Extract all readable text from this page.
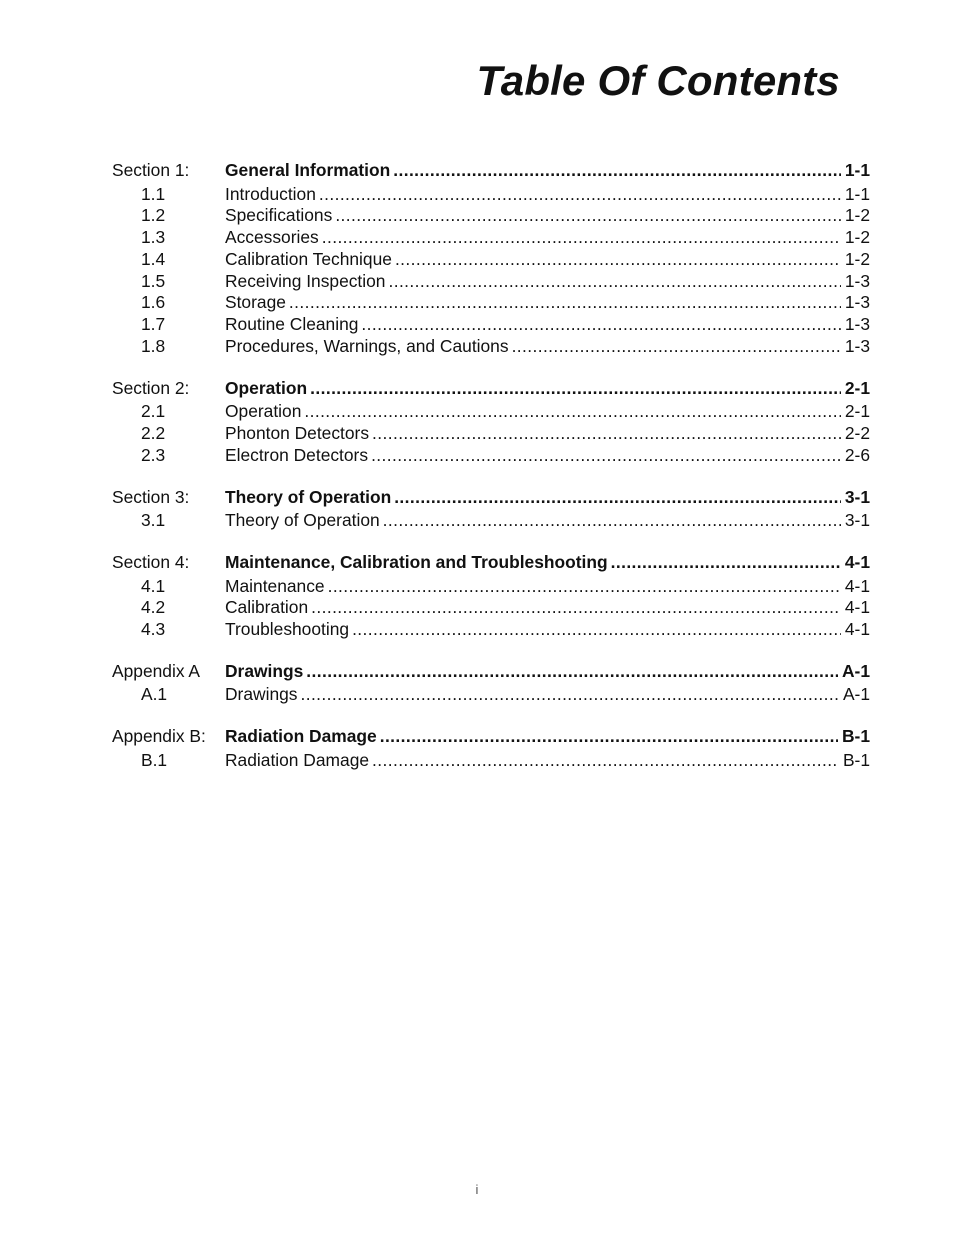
Table Of Contents
Section 1:	General Information .....	1-1
1.1	Introduction .....	1-1
1.2	Specifications .....	1-2
1.3	Accessories .....	1-2
1.4	Calibration Technique .....	1-2
1.5	Receiving Inspection .....	1-3
1.6	Storage .....	1-3
1.7	Routine Cleaning .....	1-3
1.8	Procedures, Warnings, and Cautions .....	1-3
Section 2:	Operation .....	2-1
2.1	Operation .....	2-1
2.2	Phonton Detectors .....	2-2
2.3	Electron Detectors .....	2-6
Section 3:	Theory of Operation .....	3-1
3.1	Theory of Operation .....	3-1
Section 4:	Maintenance, Calibration and Troubleshooting .....	4-1
4.1	Maintenance .....	4-1
4.2	Calibration .....	4-1
4.3	Troubleshooting .....	4-1
Appendix A	Drawings .....	A-1
A.1	Drawings .....	A-1
Appendix B:	Radiation Damage .....	B-1
B.1	Radiation Damage .....	B-1
i
